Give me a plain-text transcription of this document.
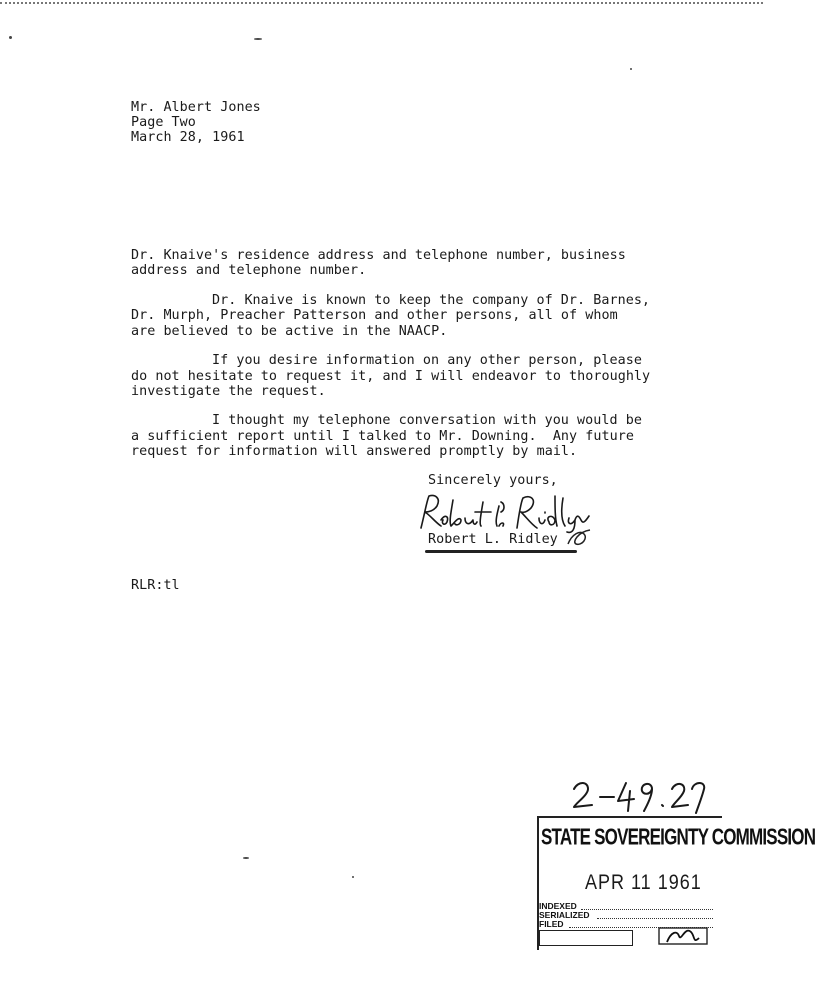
Mr. Albert Jones
Page Two
March 28, 1961
Dr. Knaive's residence address and telephone number, business
address and telephone number.
Dr. Knaive is known to keep the company of Dr. Barnes,
Dr. Murph, Preacher Patterson and other persons, all of whom
are believed to be active in the NAACP.
If you desire information on any other person, please
do not hesitate to request it, and I will endeavor to thoroughly
investigate the request.
I thought my telephone conversation with you would be
a sufficient report until I talked to Mr. Downing.  Any future
request for information will answered promptly by mail.
Sincerely yours,
Robert L. Ridley
RLR:tl
STATE SOVEREIGNTY COMMISSION
APR 11 1961
INDEXED
SERIALIZED
FILED
